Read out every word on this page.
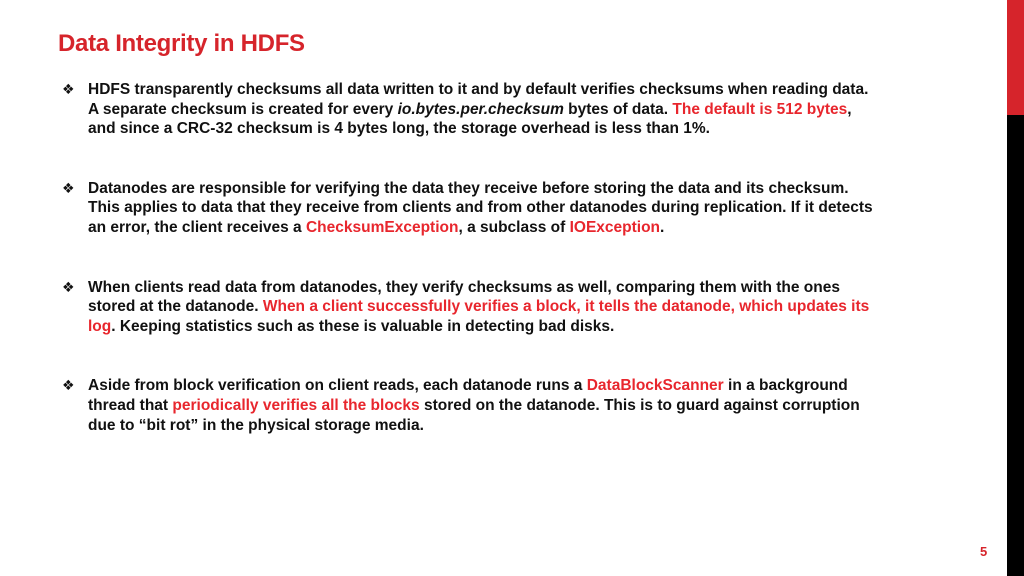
Data Integrity in HDFS
❖ HDFS transparently checksums all data written to it and by default verifies checksums when reading data. A separate checksum is created for every io.bytes.per.checksum bytes of data. The default is 512 bytes, and since a CRC-32 checksum is 4 bytes long, the storage overhead is less than 1%.
❖ Datanodes are responsible for verifying the data they receive before storing the data and its checksum. This applies to data that they receive from clients and from other datanodes during replication. If it detects an error, the client receives a ChecksumException, a subclass of IOException.
❖ When clients read data from datanodes, they verify checksums as well, comparing them with the ones stored at the datanode. When a client successfully verifies a block, it tells the datanode, which updates its log. Keeping statistics such as these is valuable in detecting bad disks.
❖ Aside from block verification on client reads, each datanode runs a DataBlockScanner in a background thread that periodically verifies all the blocks stored on the datanode. This is to guard against corruption due to “bit rot” in the physical storage media.
5
